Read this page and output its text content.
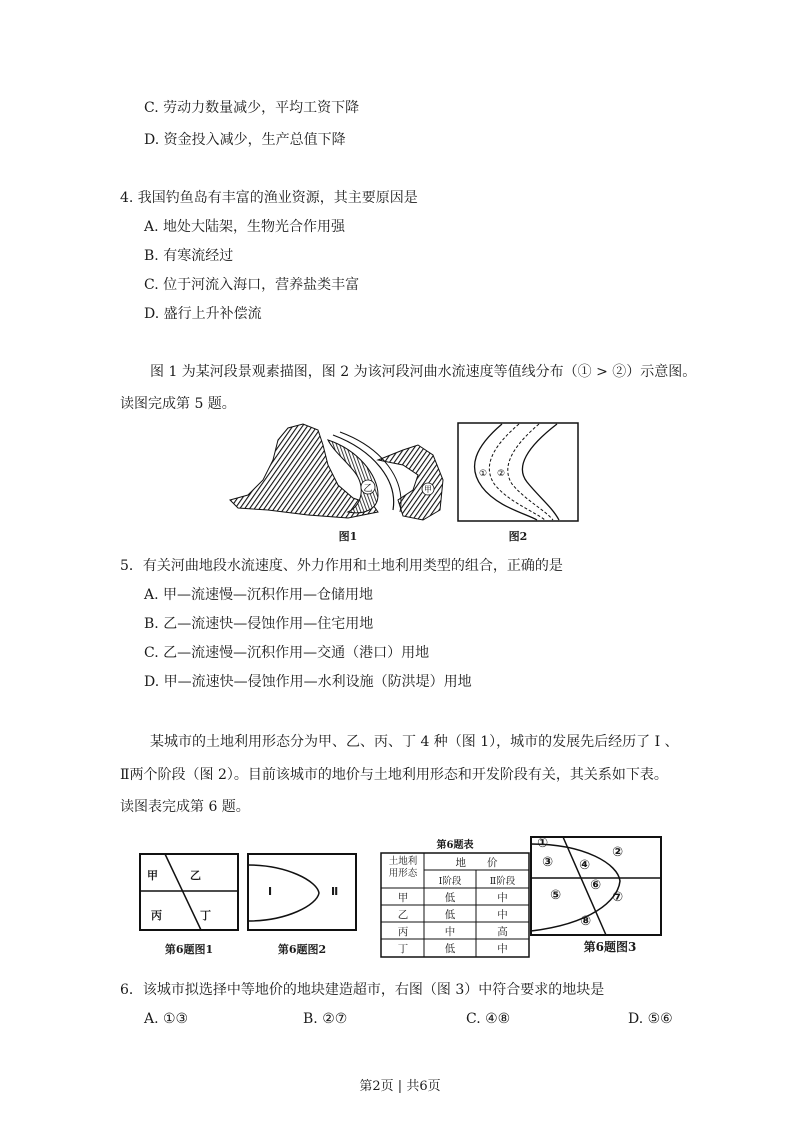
C. 劳动力数量减少，平均工资下降
D. 资金投入减少，生产总值下降
4. 我国钓鱼岛有丰富的渔业资源，其主要原因是
A. 地处大陆架，生物光合作用强
B. 有寒流经过
C. 位于河流入海口，营养盐类丰富
D. 盛行上升补偿流
图 1 为某河段景观素描图，图 2 为该河段河曲水流速度等值线分布（① > ②）示意图。
读图完成第 5 题。
乙	甲
图1
① ②
图2
5．有关河曲地段水流速度、外力作用和土地利用类型的组合，正确的是
A. 甲—流速慢—沉积作用—仓储用地
B. 乙—流速快—侵蚀作用—住宅用地
C. 乙—流速慢—沉积作用—交通（港口）用地
D. 甲—流速快—侵蚀作用—水利设施（防洪堤）用地
某城市的土地利用形态分为甲、乙、丙、丁 4 种（图 1），城市的发展先后经历了 Ⅰ 、
Ⅱ两个阶段（图 2）。目前该城市的地价与土地利用形态和开发阶段有关，其关系如下表。
读图表完成第 6 题。
甲	乙
丙	丁
第6题图1
Ⅰ	Ⅱ
第6题图2
第6题表
土地利
用形态
地　　价
Ⅰ阶段	Ⅱ阶段
甲	低	中
乙	低	中
丙	中	高
丁	低	中
①
②
③ ④
⑤
⑥
⑦
⑧
第6题图3
6．该城市拟选择中等地价的地块建造超市，右图（图 3）中符合要求的地块是
A. ①③	B. ②⑦	C. ④⑧	D. ⑤⑥
第2页 | 共6页
